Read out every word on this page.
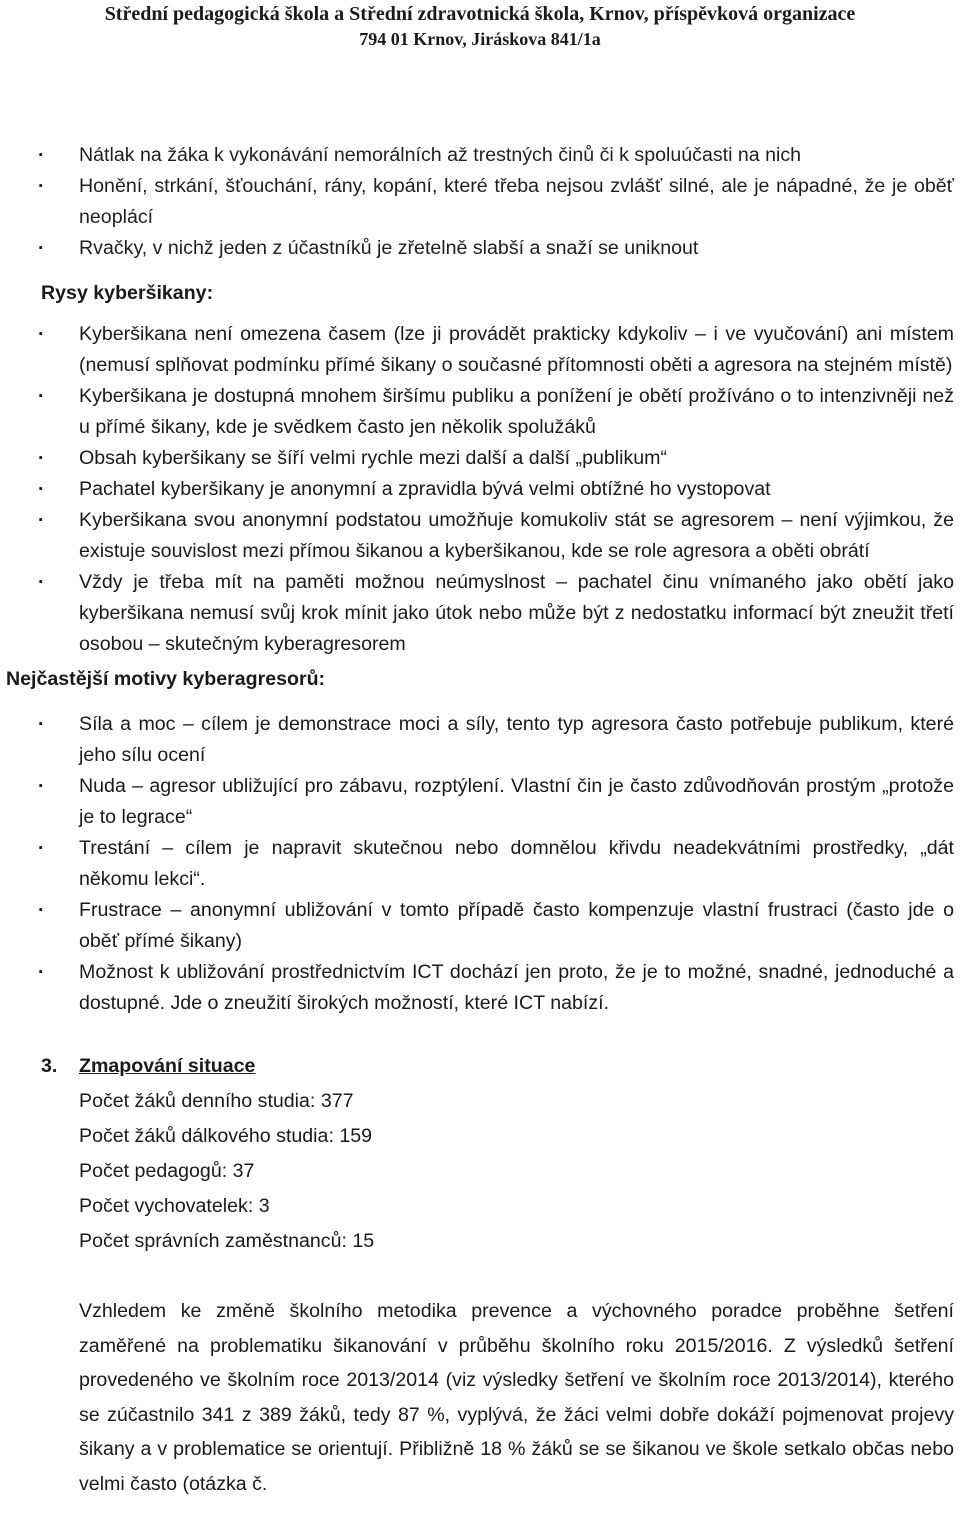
Střední pedagogická škola a Střední zdravotnická škola, Krnov, příspěvková organizace
794 01 Krnov, Jiráskova 841/1a
· Nátlak na žáka k vykonávání nemorálních až trestných činů či k spoluúčasti na nich
· Honění, strkání, šťouchání, rány, kopání, které třeba nejsou zvlášť silné, ale je nápadné, že je oběť neoplácí
· Rvačky, v nichž jeden z účastníků je zřetelně slabší a snaží se uniknout
Rysy kyberšikany:
· Kyberšikana není omezena časem (lze ji provádět prakticky kdykoliv – i ve vyučování) ani místem (nemusí splňovat podmínku přímé šikany o současné přítomnosti oběti a agresora na stejném místě)
· Kyberšikana je dostupná mnohem širšímu publiku a ponížení je obětí prožíváno o to intenzivněji než u přímé šikany, kde je svědkem často jen několik spolužáků
· Obsah kyberšikany se šíří velmi rychle mezi další a další „publikum“
· Pachatel kyberšikany je anonymní a zpravidla bývá velmi obtížné ho vystopovat
· Kyberšikana svou anonymní podstatou umožňuje komukoliv stát se agresorem – není výjimkou, že existuje souvislost mezi přímou šikanou a kyberšikanou, kde se role agresora a oběti obrátí
· Vždy je třeba mít na paměti možnou neúmyslnost – pachatel činu vnímaného jako obětí jako kyberšikana nemusí svůj krok mínit jako útok nebo může být z nedostatku informací být zneužit třetí osobou – skutečným kyberagresorem
Nejčastější motivy kyberagresorů:
· Síla a moc – cílem je demonstrace moci a síly, tento typ agresora často potřebuje publikum, které jeho sílu ocení
· Nuda – agresor ubližující pro zábavu, rozptýlení. Vlastní čin je často zdůvodňován prostým „protože je to legrace“
· Trestání – cílem je napravit skutečnou nebo domnělou křivdu neadekvátními prostředky, „dát někomu lekci“.
· Frustrace – anonymní ubližování v tomto případě často kompenzuje vlastní frustraci (často jde o oběť přímé šikany)
· Možnost k ubližování prostřednictvím ICT dochází jen proto, že je to možné, snadné, jednoduché a dostupné. Jde o zneužití širokých možností, které ICT nabízí.
3. Zmapování situace
Počet žáků denního studia: 377
Počet žáků dálkového studia: 159
Počet pedagogů: 37
Počet vychovatelek: 3
Počet správních zaměstnanců: 15
Vzhledem ke změně školního metodika prevence a výchovného poradce proběhne šetření zaměřené na problematiku šikanování v průběhu školního roku 2015/2016. Z výsledků šetření provedeného ve školním roce 2013/2014 (viz výsledky šetření ve školním roce 2013/2014), kterého se zúčastnilo 341 z 389 žáků, tedy 87 %, vyplývá, že žáci velmi dobře dokáží pojmenovat projevy šikany a v problematice se orientují. Přibližně 18 % žáků se se šikanou ve škole setkalo občas nebo velmi často (otázka č.
